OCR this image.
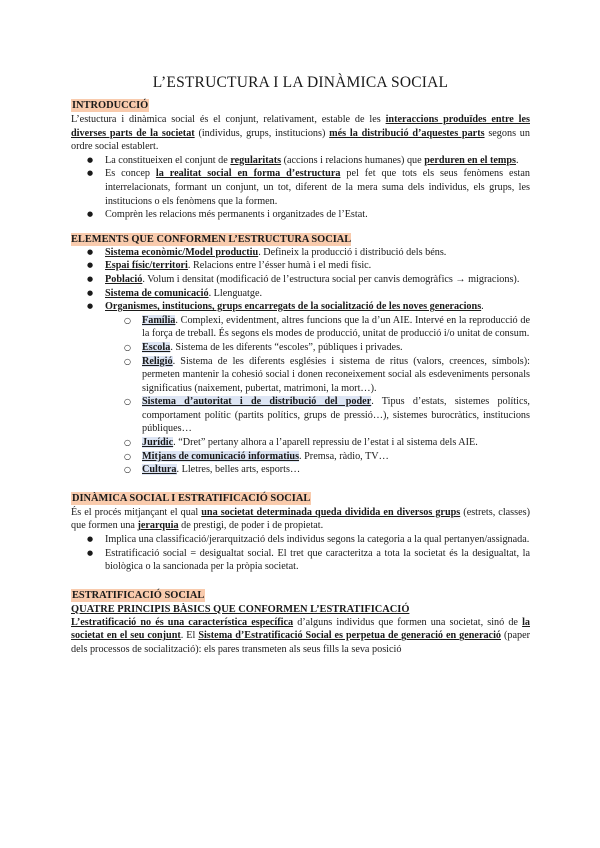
L’ESTRUCTURA I LA DINÀMICA SOCIAL
INTRODUCCIÓ

L’estuctura i dinàmica social és el conjunt, relativament, estable de les interaccions produïdes entre les diverses parts de la societat (individus, grups, institucions) més la distribució d’aquestes parts segons un ordre social establert.

● La constitueixen el conjunt de regularitats (accions i relacions humanes) que perduren en el temps.
● Es concep la realitat social en forma d’estructura pel fet que tots els seus fenòmens estan interrelacionats, formant un conjunt, un tot, diferent de la mera suma dels individus, els grups, les institucions o els fenòmens que la formen.
● Comprèn les relacions més permanents i organitzades de l’Estat.
ELEMENTS QUE CONFORMEN L’ESTRUCTURA SOCIAL
● Sistema econòmic/Model productiu. Defineix la producció i distribució dels béns.
● Espai físic/territori. Relacions entre l’ésser humà i el medi físic.
● Població. Volum i densitat (modificació de l’estructura social per canvis demogràfics → migracions).
● Sistema de comunicació. Llenguatge.
● Organismes, institucions, grups encarregats de la socialització de les noves generacions.
○ Família. Complexi, evidentment, altres funcions que la d’un AIE. Intervé en la reproducció de la força de treball. És segons els modes de producció, unitat de producció i/o unitat de consum.
○ Escola. Sistema de les diferents “escoles”, públiques i privades.
○ Religió. Sistema de les diferents esglésies i sistema de ritus (valors, creences, símbols): permeten mantenir la cohesió social i donen reconeixement social als esdeveniments personals significatius (naixement, pubertat, matrimoni, la mort…).
○ Sistema d’autoritat i de distribució del poder. Tipus d’estats, sistemes polítics, comportament polític (partits polítics, grups de pressió…), sistemes burocràtics, institucions públiques…
○ Jurídic. “Dret” pertany alhora a l’aparell repressiu de l’estat i al sistema dels AIE.
○ Mitjans de comunicació informatius. Premsa, ràdio, TV…
○ Cultura. Lletres, belles arts, esports…
DINÀMICA SOCIAL I ESTRATIFICACIÓ SOCIAL

És el procés mitjançant el qual una societat determinada queda dividida en diversos grups (estrets, classes) que formen una jerarquia de prestigi, de poder i de propietat.

● Implica una classificació/jerarquització dels individus segons la categoria a la qual pertanyen/assignada.
● Estratificació social = desigualtat social. El tret que caracteritza a tota la societat és la desigualtat, la biològica o la sancionada per la pròpia societat.
ESTRATIFICACIÓ SOCIAL
QUATRE PRINCIPIS BÀSICS QUE CONFORMEN L’ESTRATIFICACIÓ

L’estratificació no és una característica específica d’alguns individus que formen una societat, sinó de la societat en el seu conjunt. El Sistema d’Estratificació Social es perpetua de generació en generació (paper dels processos de socialització): els pares transmeten als seus fills la seva posició
